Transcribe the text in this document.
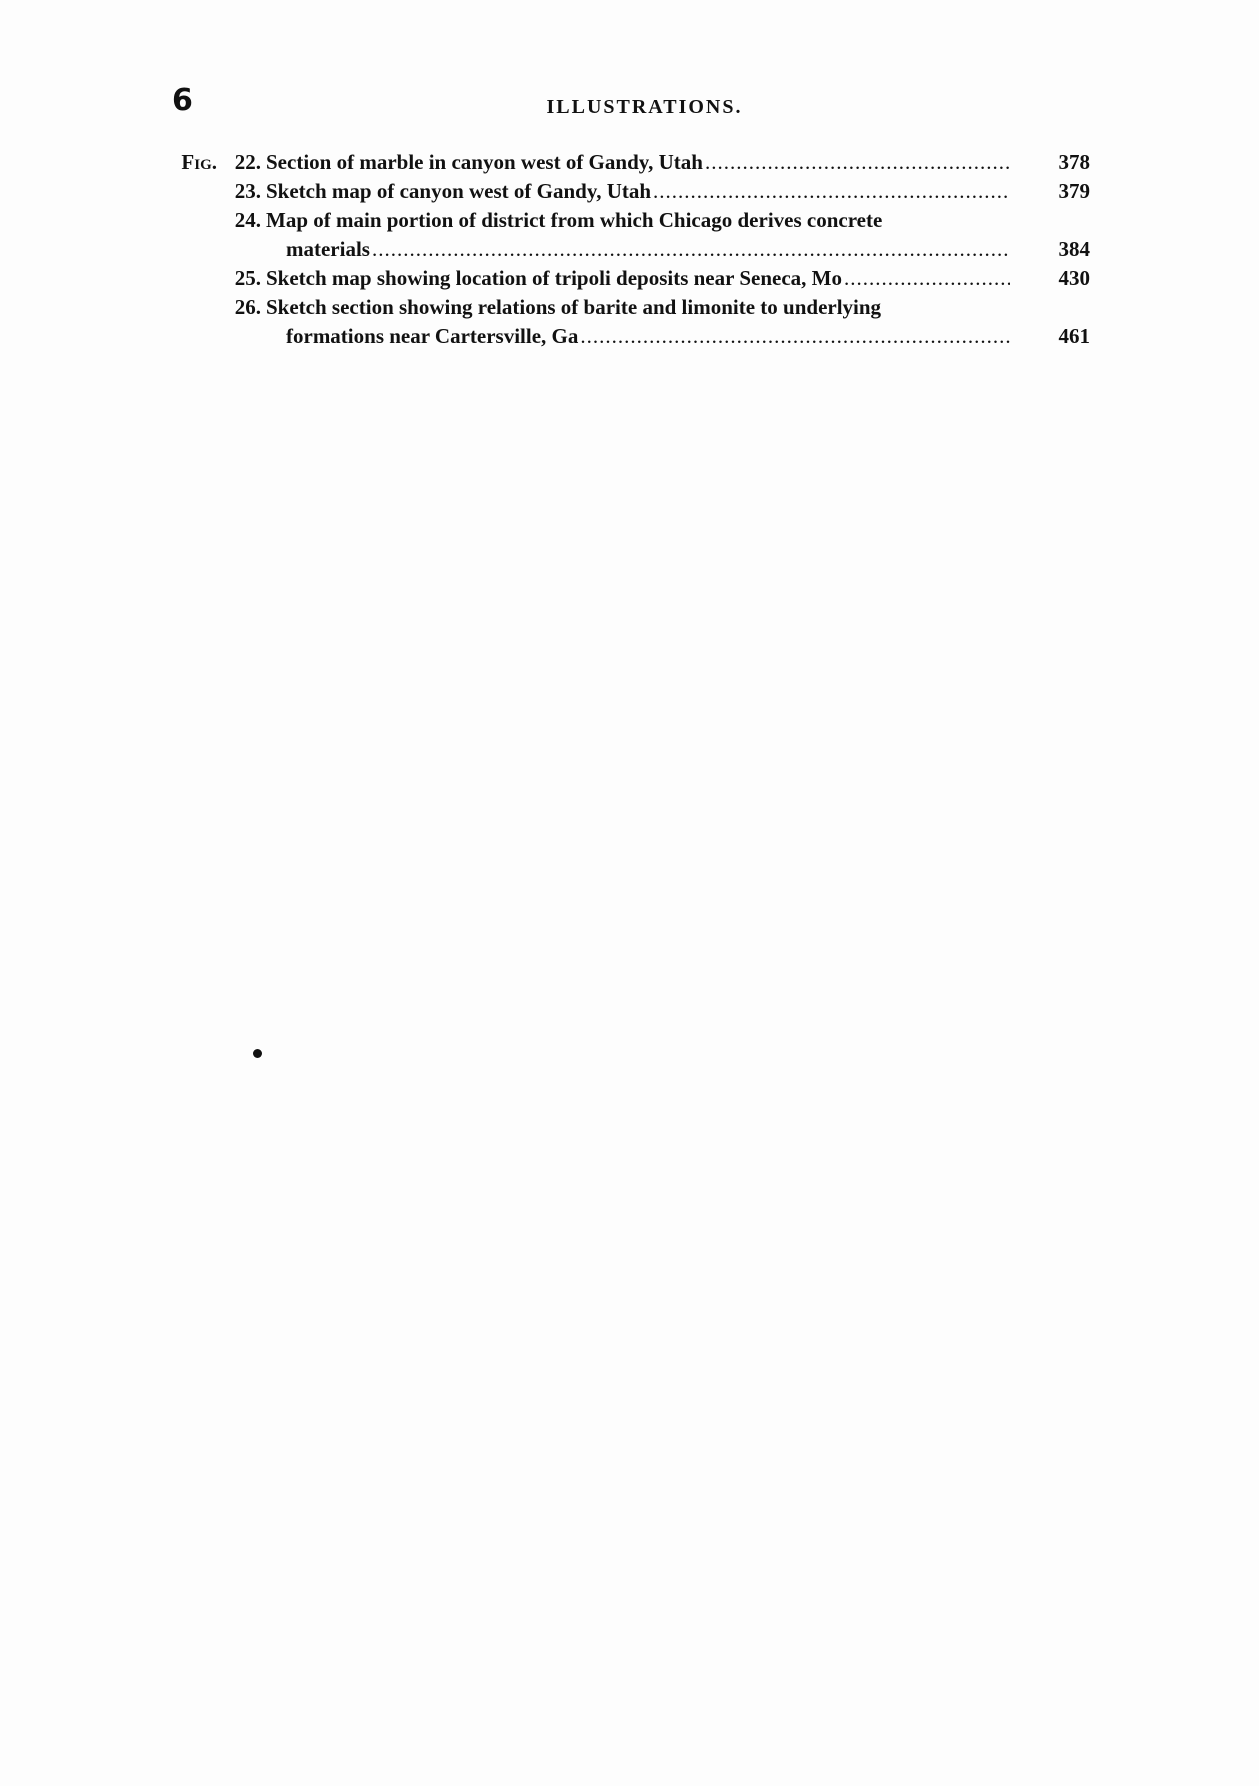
6	ILLUSTRATIONS.
Fig. 22. Section of marble in canyon west of Gandy, Utah .....	378
23. Sketch map of canyon west of Gandy, Utah .....	379
24. Map of main portion of district from which Chicago derives concrete
materials .....	384
25. Sketch map showing location of tripoli deposits near Seneca, Mo .....	430
26. Sketch section showing relations of barite and limonite to underlying
formations near Cartersville, Ga .....	461
